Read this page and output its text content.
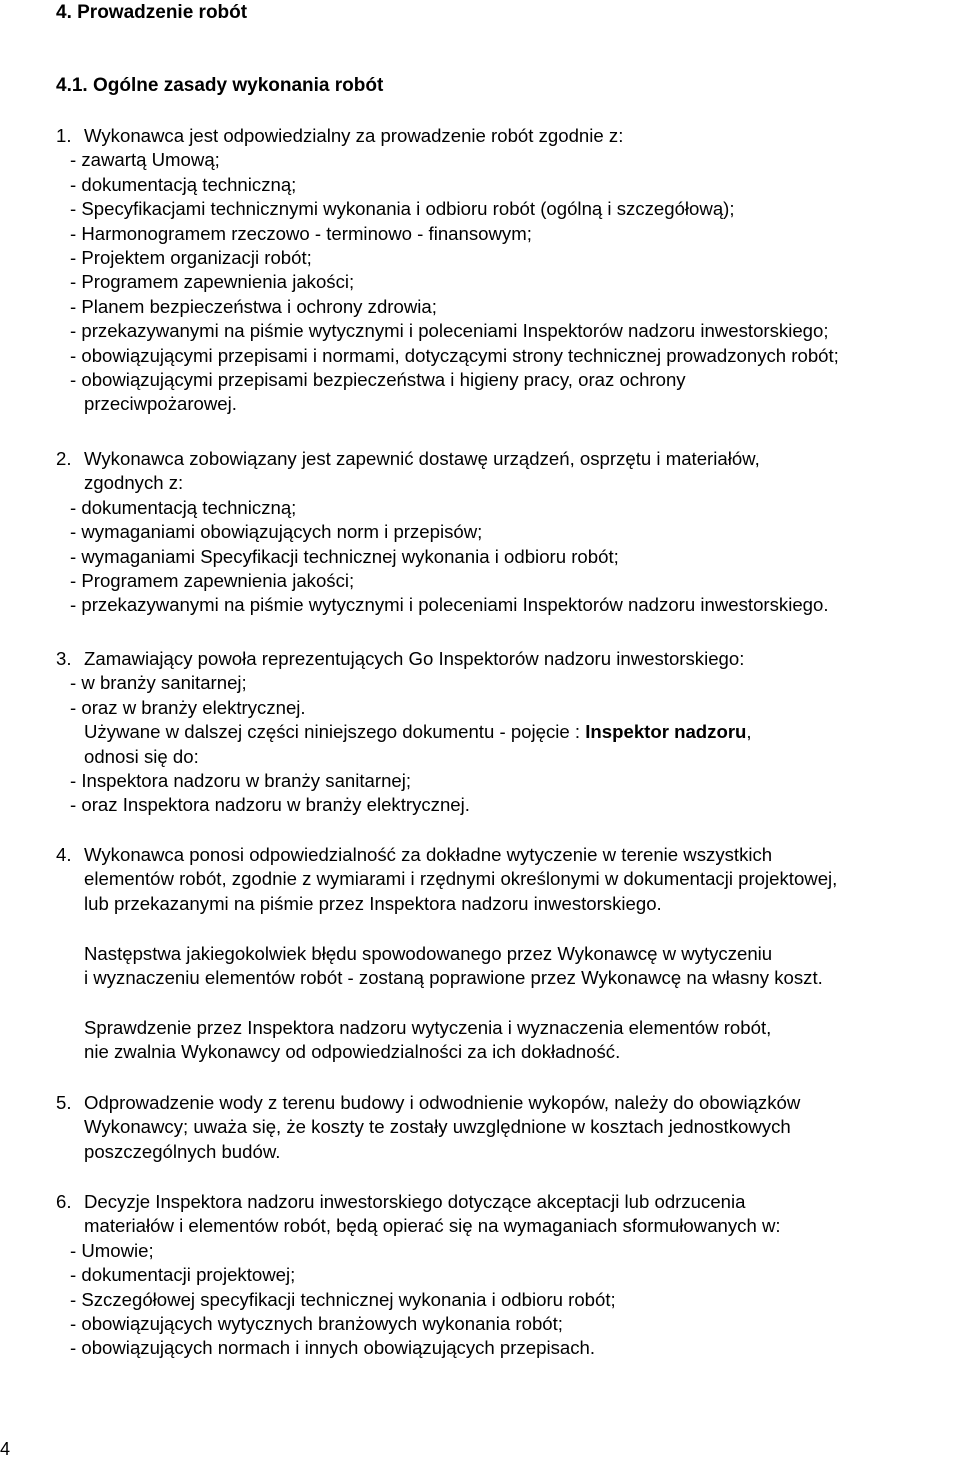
4. Prowadzenie robót
4.1. Ogólne zasady wykonania robót
1. Wykonawca jest odpowiedzialny za prowadzenie robót zgodnie z:
- zawartą Umową;
- dokumentacją techniczną;
- Specyfikacjami technicznymi wykonania i odbioru robót (ogólną i szczegółową);
- Harmonogramem rzeczowo - terminowo - finansowym;
- Projektem organizacji robót;
- Programem zapewnienia jakości;
- Planem bezpieczeństwa i ochrony zdrowia;
- przekazywanymi na piśmie wytycznymi i poleceniami Inspektorów nadzoru inwestorskiego;
- obowiązującymi przepisami i normami, dotyczącymi strony technicznej prowadzonych robót;
- obowiązującymi przepisami bezpieczeństwa i higieny pracy, oraz ochrony
przeciwpożarowej.
2. Wykonawca zobowiązany jest zapewnić dostawę urządzeń, osprzętu i materiałów,
zgodnych z:
- dokumentacją techniczną;
- wymaganiami obowiązujących norm i przepisów;
- wymaganiami Specyfikacji technicznej wykonania i odbioru robót;
- Programem zapewnienia jakości;
- przekazywanymi na piśmie wytycznymi i poleceniami Inspektorów nadzoru inwestorskiego.
3. Zamawiający powoła reprezentujących Go Inspektorów nadzoru inwestorskiego:
- w branży sanitarnej;
- oraz w branży elektrycznej.
Używane w dalszej części niniejszego dokumentu - pojęcie : Inspektor nadzoru,
odnosi się do:
- Inspektora nadzoru w branży sanitarnej;
- oraz Inspektora nadzoru w branży elektrycznej.
4. Wykonawca ponosi odpowiedzialność za dokładne wytyczenie w terenie wszystkich
elementów robót, zgodnie z wymiarami i rzędnymi określonymi w dokumentacji projektowej,
lub przekazanymi na piśmie przez Inspektora nadzoru inwestorskiego.
Następstwa jakiegokolwiek błędu spowodowanego przez Wykonawcę w wytyczeniu
i wyznaczeniu elementów robót - zostaną poprawione przez Wykonawcę na własny koszt.
Sprawdzenie przez Inspektora nadzoru wytyczenia i wyznaczenia elementów robót,
nie zwalnia Wykonawcy od odpowiedzialności za ich dokładność.
5. Odprowadzenie wody z terenu budowy i odwodnieniе wykopów, należy do obowiązków
Wykonawcy; uważa się, że koszty te zostały uwzględnione w kosztach jednostkowych
poszczególnych budów.
6. Decyzje Inspektora nadzoru inwestorskiego dotyczące akceptacji lub odrzucenia
materiałów i elementów robót, będą opierać się na wymaganiach sformułowanych w:
- Umowie;
- dokumentacji projektowej;
- Szczegółowej specyfikacji technicznej wykonania i odbioru robót;
- obowiązujących wytycznych branżowych wykonania robót;
- obowiązujących normach i innych obowiązujących przepisach.
4
